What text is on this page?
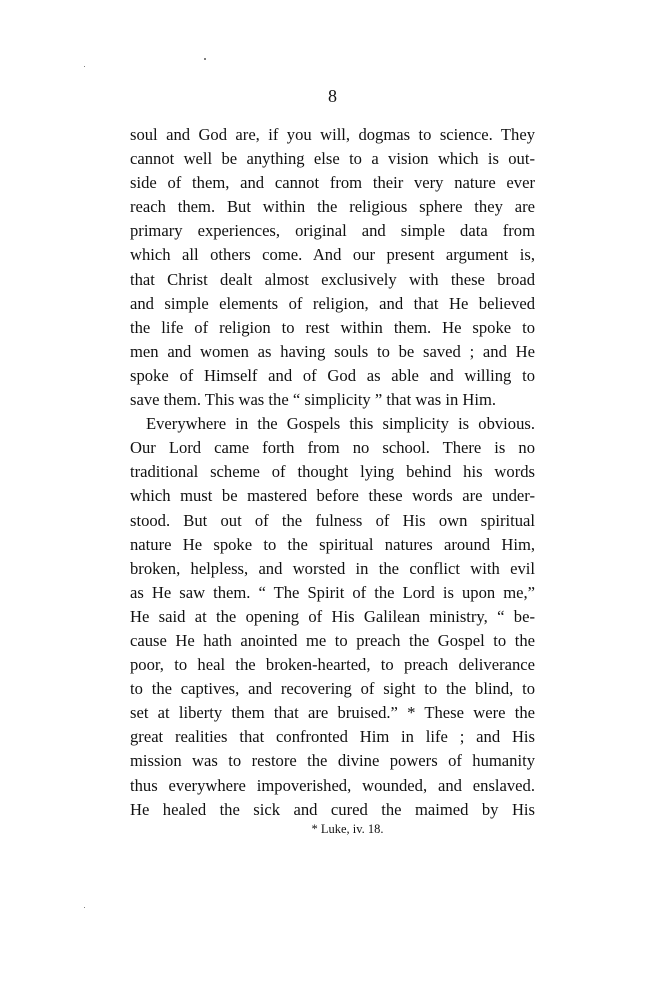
8
soul and God are, if you will, dogmas to science. They
cannot well be anything else to a vision which is out-
side of them, and cannot from their very nature ever
reach them. But within the religious sphere they are
primary experiences, original and simple data from
which all others come. And our present argument is,
that Christ dealt almost exclusively with these broad
and simple elements of religion, and that He believed
the life of religion to rest within them. He spoke to
men and women as having souls to be saved ; and He
spoke of Himself and of God as able and willing to
save them. This was the “ simplicity ” that was in Him.
Everywhere in the Gospels this simplicity is obvious.
Our Lord came forth from no school. There is no
traditional scheme of thought lying behind his words
which must be mastered before these words are under-
stood. But out of the fulness of His own spiritual
nature He spoke to the spiritual natures around Him,
broken, helpless, and worsted in the conflict with evil
as He saw them. “ The Spirit of the Lord is upon me,”
He said at the opening of His Galilean ministry, “ be-
cause He hath anointed me to preach the Gospel to the
poor, to heal the broken-hearted, to preach deliverance
to the captives, and recovering of sight to the blind, to
set at liberty them that are bruised.” * These were the
great realities that confronted Him in life ; and His
mission was to restore the divine powers of humanity
thus everywhere impoverished, wounded, and enslaved.
He healed the sick and cured the maimed by His
* Luke, iv. 18.
